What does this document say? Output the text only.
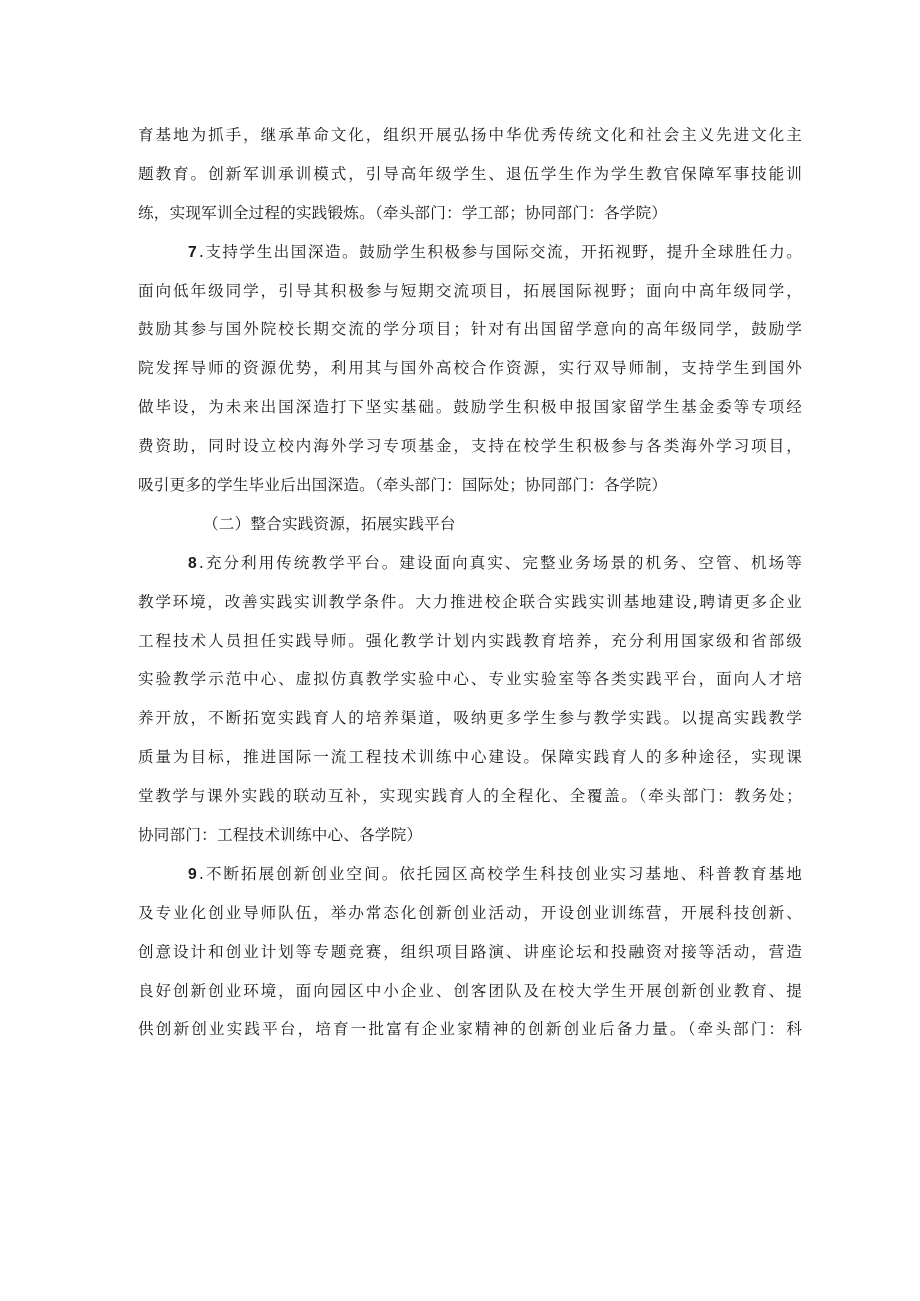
育基地为抓手，继承革命文化，组织开展弘扬中华优秀传统文化和社会主义先进文化主
题教育。创新军训承训模式，引导高年级学生、退伍学生作为学生教官保障军事技能训
练，实现军训全过程的实践锻炼。（牵头部门：学工部；协同部门：各学院）
7 .支持学生出国深造。鼓励学生积极参与国际交流，开拓视野，提升全球胜任力。
面向低年级同学，引导其积极参与短期交流项目，拓展国际视野；面向中高年级同学，
鼓励其参与国外院校长期交流的学分项目；针对有出国留学意向的高年级同学，鼓励学
院发挥导师的资源优势，利用其与国外高校合作资源，实行双导师制，支持学生到国外
做毕设，为未来出国深造打下坚实基础。鼓励学生积极申报国家留学生基金委等专项经
费资助，同时设立校内海外学习专项基金，支持在校学生积极参与各类海外学习项目，
吸引更多的学生毕业后出国深造。（牵头部门：国际处；协同部门：各学院）
（二）整合实践资源，拓展实践平台
8 .充分利用传统教学平台。建设面向真实、完整业务场景的机务、空管、机场等
教学环境，改善实践实训教学条件。大力推进校企联合实践实训基地建设,聘请更多企业
工程技术人员担任实践导师。强化教学计划内实践教育培养，充分利用国家级和省部级
实验教学示范中心、虚拟仿真教学实验中心、专业实验室等各类实践平台，面向人才培
养开放，不断拓宽实践育人的培养渠道，吸纳更多学生参与教学实践。以提高实践教学
质量为目标，推进国际一流工程技术训练中心建设。保障实践育人的多种途径，实现课
堂教学与课外实践的联动互补，实现实践育人的全程化、全覆盖。（牵头部门：教务处；
协同部门：工程技术训练中心、各学院）
9 .不断拓展创新创业空间。依托园区高校学生科技创业实习基地、科普教育基地
及专业化创业导师队伍，举办常态化创新创业活动，开设创业训练营，开展科技创新、
创意设计和创业计划等专题竞赛，组织项目路演、讲座论坛和投融资对接等活动，营造
良好创新创业环境，面向园区中小企业、创客团队及在校大学生开展创新创业教育、提
供创新创业实践平台，培育一批富有企业家精神的创新创业后备力量。（牵头部门：科
